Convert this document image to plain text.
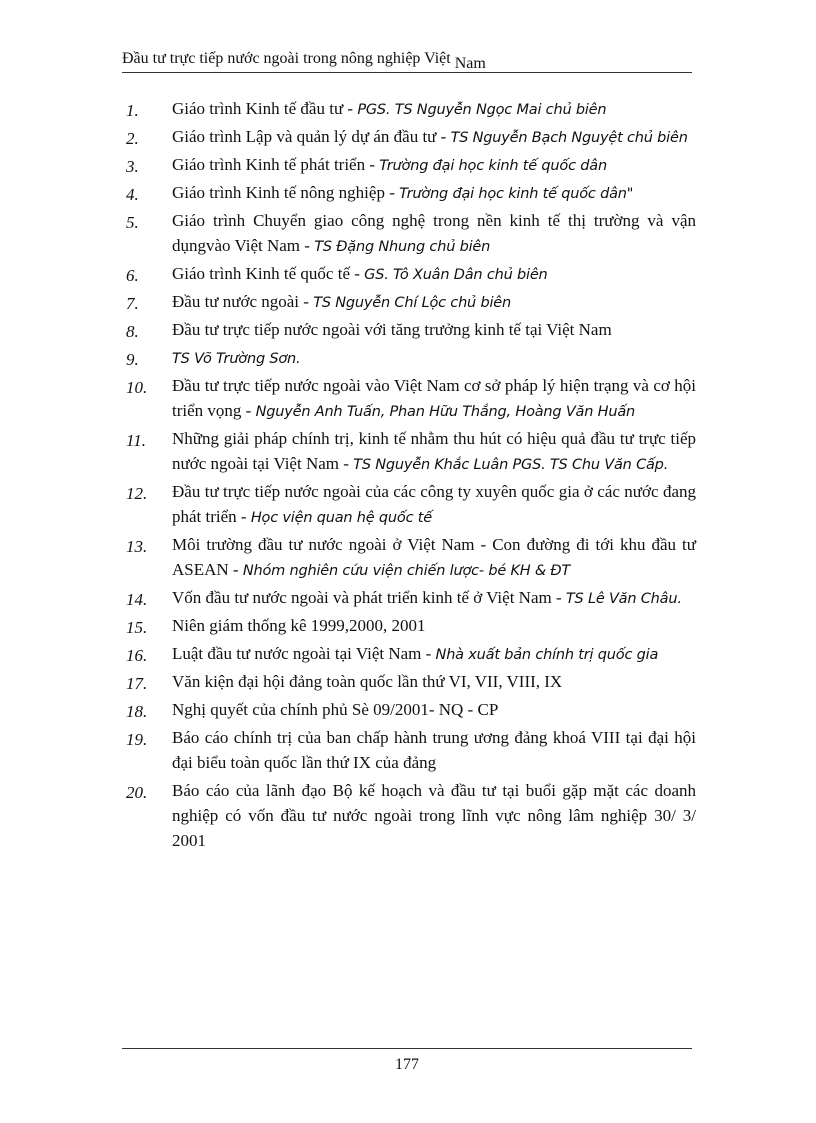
Đầu tư trực tiếp nước ngoài trong nông nghiệp Việt Nam
1.	Giáo trình Kinh tế đầu tư - PGS. TS Nguyễn Ngọc Mai chủ biên
2.	Giáo trình Lập và quản lý dự án đầu tư - TS Nguyễn Bạch Nguyệt chủ biên
3.	Giáo trình Kinh tế phát triển - Trường đại học kinh tế quốc dân
4.	Giáo trình Kinh tế nông nghiệp - Trường đại học kinh tế quốc dân"
5.	Giáo trình Chuyển giao công nghệ trong nền kinh tế thị trường và vận dụngvào Việt Nam - TS Đặng Nhung chủ biên
6.	Giáo trình Kinh tế quốc tế - GS. Tô Xuân Dân chủ biên
7.	Đầu tư nước ngoài - TS Nguyễn Chí Lộc chủ biên
8.	Đầu tư trực tiếp nước ngoài với tăng trưởng kinh tế tại Việt Nam
9.	TS Võ Trường Sơn.
10.	Đầu tư trực tiếp nước ngoài vào Việt Nam cơ sở pháp lý hiện trạng và cơ hội triển vọng - Nguyễn Anh Tuấn, Phan Hữu Thắng, Hoàng Văn Huấn
11.	Những giải pháp chính trị, kinh tế nhằm thu hút có hiệu quả đầu tư trực tiếp nước ngoài tại Việt Nam - TS Nguyễn Khắc Luân PGS. TS Chu Văn Cấp.
12.	Đầu tư trực tiếp nước ngoài của các công ty xuyên quốc gia ở các nước đang phát triển - Học viện quan hệ quốc tế
13.	Môi trường đầu tư nước ngoài ở Việt Nam - Con đường đi tới khu đầu tư ASEAN - Nhóm nghiên cứu viện chiến lược- bé KH & ĐT
14.	Vốn đầu tư nước ngoài và phát triển kinh tế ở Việt Nam - TS Lê Văn Châu.
15.	Niên giám thống kê 1999,2000, 2001
16.	Luật đầu tư nước ngoài tại Việt Nam - Nhà xuất bản chính trị quốc gia
17.	Văn kiện đại hội đảng toàn quốc lần thứ VI, VII, VIII, IX
18.	Nghị quyết của chính phủ Sè 09/2001- NQ - CP
19.	Báo cáo chính trị của ban chấp hành trung ương đảng khoá VIII tại đại hội đại biểu toàn quốc lần thứ IX của đảng
20.	Báo cáo của lãnh đạo Bộ kế hoạch và đầu tư tại buổi gặp mặt các doanh nghiệp có vốn đầu tư nước ngoài trong lĩnh vực nông lâm nghiệp 30/ 3/ 2001
177
